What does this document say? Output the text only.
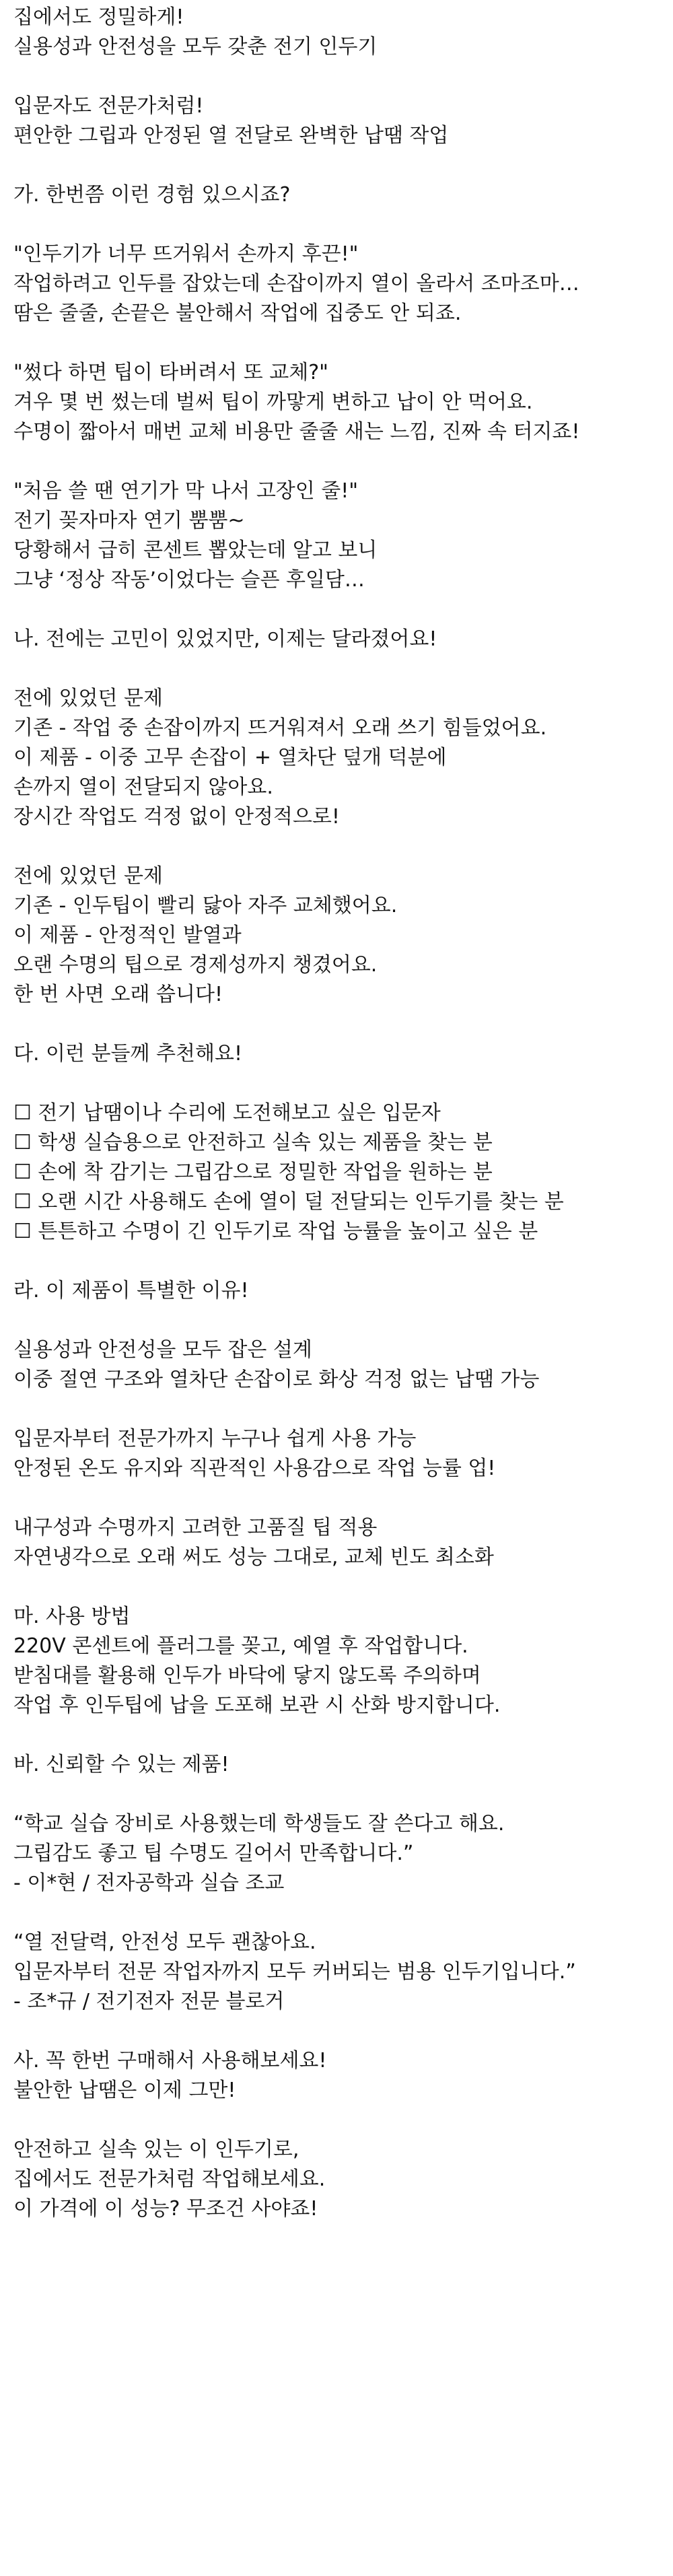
집에서도 정밀하게!
실용성과 안전성을 모두 갖춘 전기 인두기
입문자도 전문가처럼!
편안한 그립과 안정된 열 전달로 완벽한 납땜 작업
가. 한번쯤 이런 경험 있으시죠?
"인두기가 너무 뜨거워서 손까지 후끈!"
작업하려고 인두를 잡았는데 손잡이까지 열이 올라서 조마조마…
땀은 줄줄, 손끝은 불안해서 작업에 집중도 안 되죠.
"썼다 하면 팁이 타버려서 또 교체?"
겨우 몇 번 썼는데 벌써 팁이 까맣게 변하고 납이 안 먹어요.
수명이 짧아서 매번 교체 비용만 줄줄 새는 느낌, 진짜 속 터지죠!
"처음 쓸 땐 연기가 막 나서 고장인 줄!"
전기 꽂자마자 연기 뿜뿜~
당황해서 급히 콘센트 뽑았는데 알고 보니
그냥 ‘정상 작동’이었다는 슬픈 후일담…
나. 전에는 고민이 있었지만, 이제는 달라졌어요!
전에 있었던 문제
기존 - 작업 중 손잡이까지 뜨거워져서 오래 쓰기 힘들었어요.
이 제품 - 이중 고무 손잡이 + 열차단 덮개 덕분에
손까지 열이 전달되지 않아요.
장시간 작업도 걱정 없이 안정적으로!
전에 있었던 문제
기존 - 인두팁이 빨리 닳아 자주 교체했어요.
이 제품 - 안정적인 발열과
오랜 수명의 팁으로 경제성까지 챙겼어요.
한 번 사면 오래 씁니다!
다. 이런 분들께 추천해요!
☐ 전기 납땜이나 수리에 도전해보고 싶은 입문자
☐ 학생 실습용으로 안전하고 실속 있는 제품을 찾는 분
☐ 손에 착 감기는 그립감으로 정밀한 작업을 원하는 분
☐ 오랜 시간 사용해도 손에 열이 덜 전달되는 인두기를 찾는 분
☐ 튼튼하고 수명이 긴 인두기로 작업 능률을 높이고 싶은 분
라. 이 제품이 특별한 이유!
실용성과 안전성을 모두 잡은 설계
이중 절연 구조와 열차단 손잡이로 화상 걱정 없는 납땜 가능
입문자부터 전문가까지 누구나 쉽게 사용 가능
안정된 온도 유지와 직관적인 사용감으로 작업 능률 업!
내구성과 수명까지 고려한 고품질 팁 적용
자연냉각으로 오래 써도 성능 그대로, 교체 빈도 최소화
마. 사용 방법
220V 콘센트에 플러그를 꽂고, 예열 후 작업합니다.
받침대를 활용해 인두가 바닥에 닿지 않도록 주의하며
작업 후 인두팁에 납을 도포해 보관 시 산화 방지합니다.
바. 신뢰할 수 있는 제품!
“학교 실습 장비로 사용했는데 학생들도 잘 쓴다고 해요.
그립감도 좋고 팁 수명도 길어서 만족합니다.”
- 이*현 / 전자공학과 실습 조교
“열 전달력, 안전성 모두 괜찮아요.
입문자부터 전문 작업자까지 모두 커버되는 범용 인두기입니다.”
- 조*규 / 전기전자 전문 블로거
사. 꼭 한번 구매해서 사용해보세요!
불안한 납땜은 이제 그만!
안전하고 실속 있는 이 인두기로,
집에서도 전문가처럼 작업해보세요.
이 가격에 이 성능? 무조건 사야죠!
